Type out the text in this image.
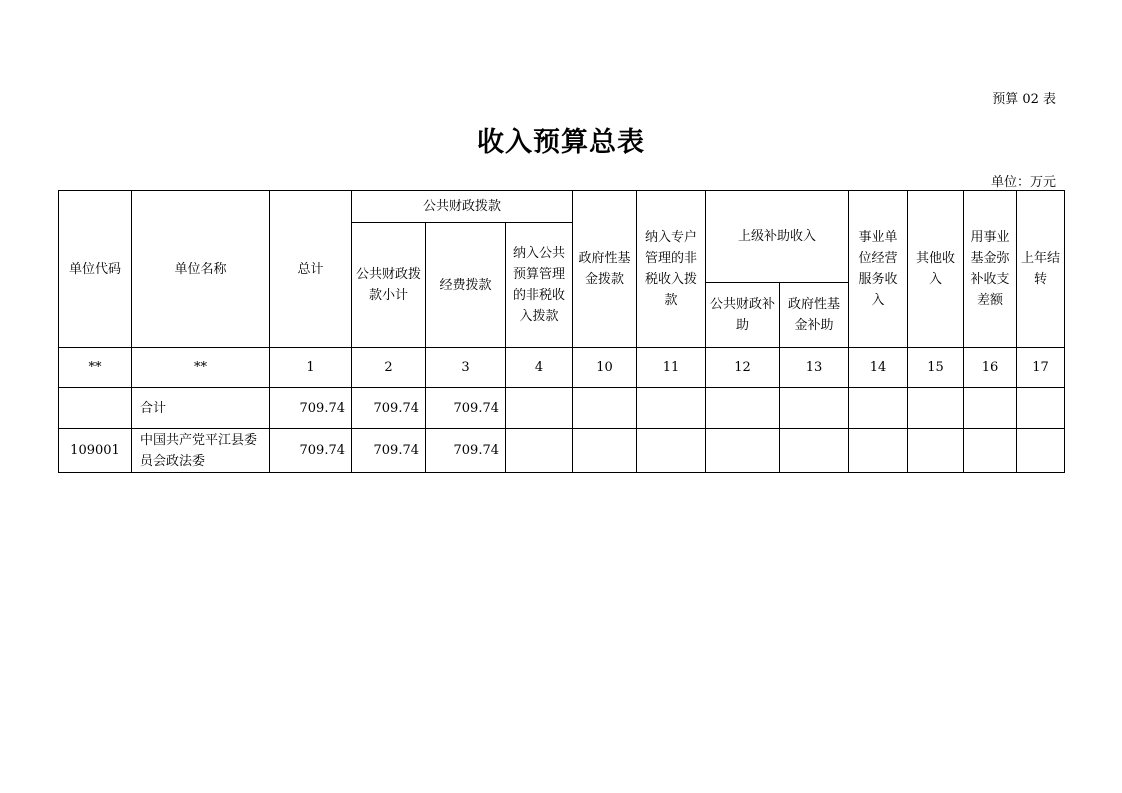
预算 02 表
收入预算总表
单位：万元
单位代码	单位名称	总计	公共财政拨款			政府性基金拨款	纳入专户管理的非税收入拨款	上级补助收入		事业单位经营服务收入	其他收入	用事业基金弥补收支差额	上年结转
			公共财政拨款小计	经费拨款	纳入公共预算管理的非税收入拨款								
								公共财政补助	政府性基金补助				
**	**	1	2	3	4	10	11	12	13	14	15	16	17
	合计	709.74	709.74	709.74									
109001	中国共产党平江县委员会政法委	709.74	709.74	709.74									
